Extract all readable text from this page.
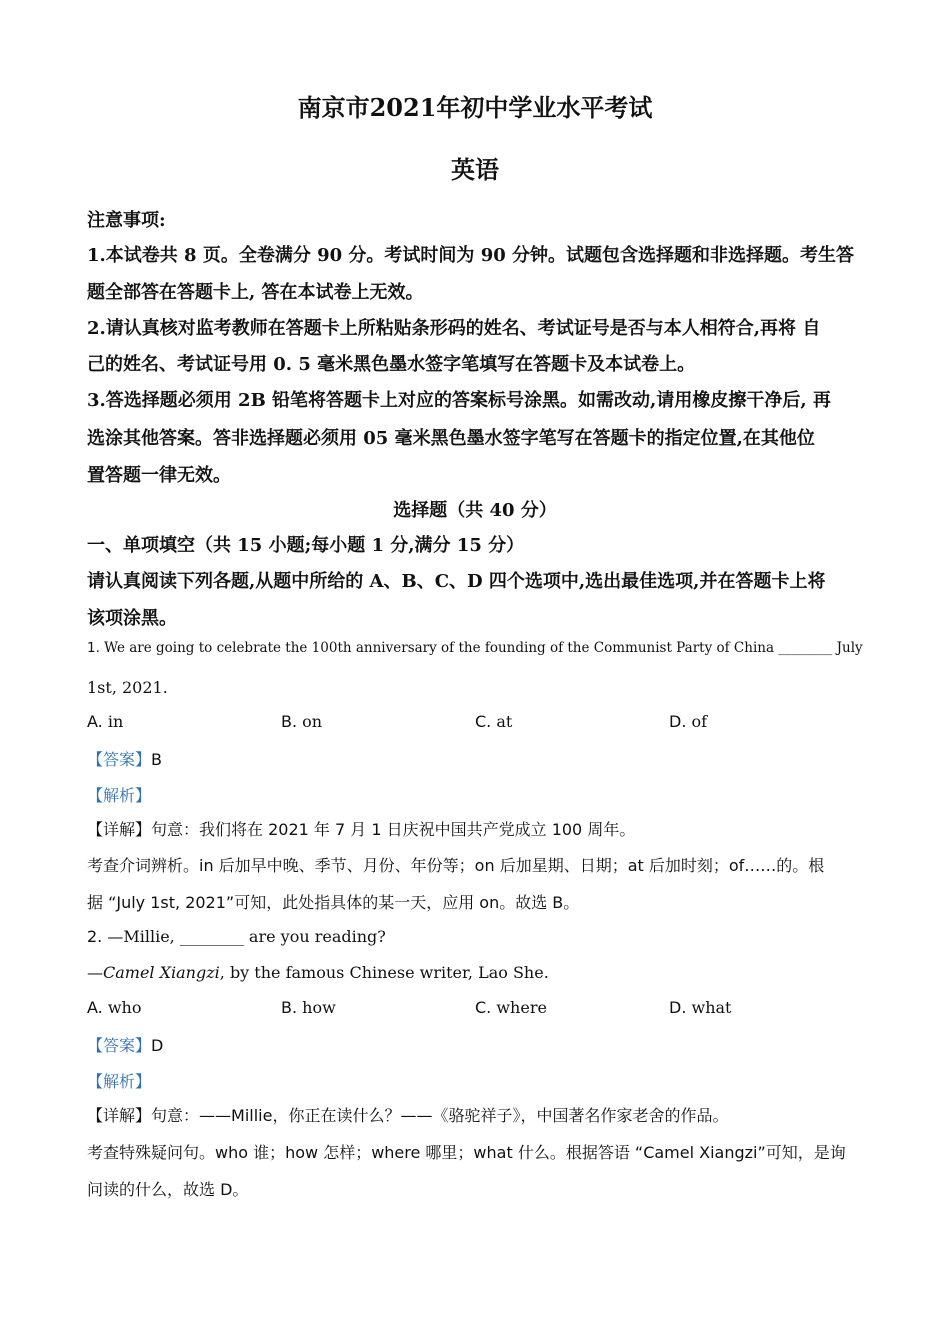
南京市2021年初中学业水平考试
英语
注意事项:
1.本试卷共 8 页。全卷满分 90 分。考试时间为 90 分钟。试题包含选择题和非选择题。考生答
题全部答在答题卡上, 答在本试卷上无效。
2.请认真核对监考教师在答题卡上所粘贴条形码的姓名、考试证号是否与本人相符合,再将 自
己的姓名、考试证号用 0. 5 毫米黑色墨水签字笔填写在答题卡及本试卷上。
3.答选择题必须用 2B 铅笔将答题卡上对应的答案标号涂黑。如需改动,请用橡皮擦干净后, 再
选涂其他答案。答非选择题必须用 05 毫米黑色墨水签字笔写在答题卡的指定位置,在其他位
置答题一律无效。
选择题（共 40 分）
一、单项填空（共 15 小题;每小题 1 分,满分 15 分）
请认真阅读下列各题,从题中所给的 A、B、C、D 四个选项中,选出最佳选项,并在答题卡上将
该项涂黑。
1. We are going to celebrate the 100th anniversary of the founding of the Communist Party of China ________ July
1st, 2021.
A. in	B. on	C. at	D. of
【答案】B
【解析】
【详解】句意：我们将在 2021 年 7 月 1 日庆祝中国共产党成立 100 周年。
考查介词辨析。in 后加早中晚、季节、月份、年份等；on 后加星期、日期；at 后加时刻；of……的。根
据 “July 1st, 2021”可知，此处指具体的某一天，应用 on。故选 B。
2. —Millie, ________ are you reading?
—Camel Xiangzi, by the famous Chinese writer, Lao She.
A. who	B. how	C. where	D. what
【答案】D
【解析】
【详解】句意：——Millie，你正在读什么？——《骆驼祥子》，中国著名作家老舍的作品。
考查特殊疑问句。who 谁；how 怎样；where 哪里；what 什么。根据答语 “Camel Xiangzi”可知，是询
问读的什么，故选 D。
